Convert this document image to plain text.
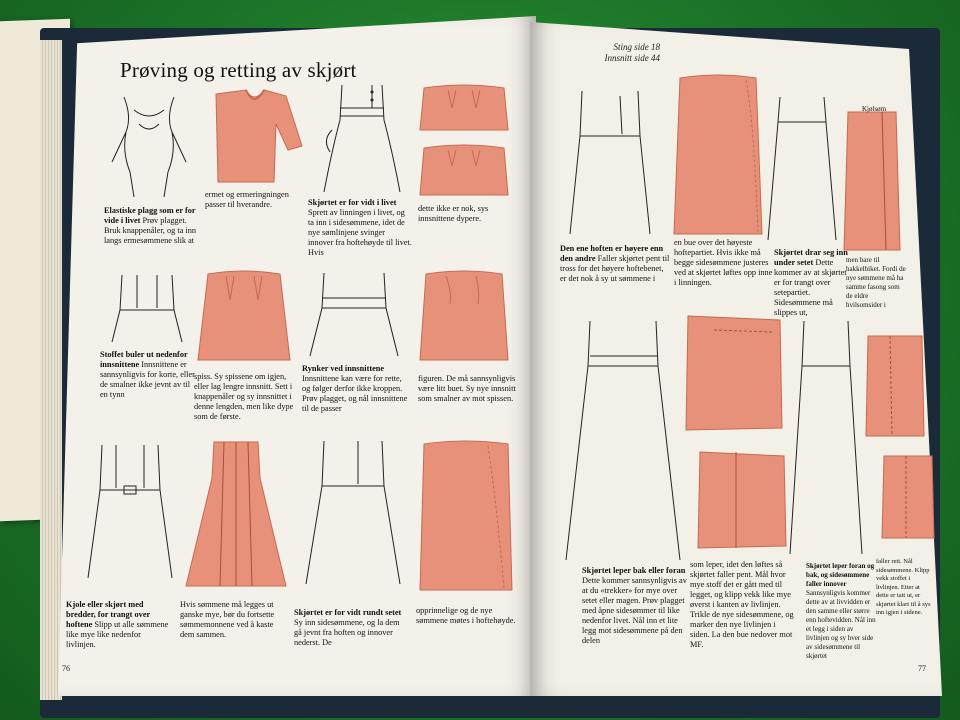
Prøving og retting av skjørt
Sting side 18
Innsnitt side 44
Kjølsøm
Elastiske plagg som er for vide i livet Prøv plagget. Bruk knappenåler, og ta inn langs ermesømmene slik at
ermet og ermeringningen passer til hverandre.	Skjørtet er for vidt i livet Sprett av linningen i livet, og ta inn i sidesømmene, idet de nye sømlinjene svinger innover fra hoftehøyde til livet. Hvis
dette ikke er nok, sys innsnittene dypere.
Stoffet buler ut nedenfor innsnittene Innsnittene er sannsynligvis for korte, eller de smalner ikke jevnt av til en tynn
spiss. Sy spissene om igjen, eller lag lengre innsnitt. Sett i knappenåler og sy innsnittet i denne lengden, men like dype som de første.
Rynker ved innsnittene Innsnittene kan være for rette, og følger derfor ikke kroppen. Prøv plagget, og nål innsnittene til de passer
figuren. De må sannsynligvis være litt buet. Sy nye innsnitt som smalner av mot spissen.
Kjole eller skjørt med bredder, for trangt over hoftene Slipp ut alle sømmene like mye like nedenfor livlinjen.
Hvis sømmene må legges ut ganske mye, bør du fortsette sømmemonnene ved å kaste dem sammen.
Skjørtet er for vidt rundt setet Sy inn sidesømmene, og la dem gå jevnt fra hoften og innover nederst. De
opprinnelige og de nye sømmene møtes i hoftehøyde.
76
Den ene hoften er høyere enn den andre Faller skjørtet pent til tross for det høyere hoftebenet, er det nok å sy ut sømmene i
en bue over det høyeste hoftepartiet. Hvis ikke må begge sidesømmene justeres ved at skjørtet løftes opp inne i linningen.
Skjørtet drar seg inn under setet Dette kommer av at skjørtet er for trangt over setepartiet. Sidesømmene må slippes ut,
men bare til hakkelbiket. Fordi de nye sømmene må ha samme fasong som de eldre hvilsomsider i
Skjørtet leper bak eller foran Dette kommer sannsynligvis av at du «trekker» for mye over setet eller magen. Prøv plagget med åpne sidesømmer til like nedenfor livet. Nål inn et lite legg mot sidesømmene på den delen
som leper, idet den løftes så skjørtet faller pent. Mål hvor mye stoff det er gått med til legget, og klipp vekk like mye øverst i kanten av livlinjen. Trikle de nye sidesømmene, og marker den nye livlinjen i siden. La den bue nedover mot MF.
Skjørtet leper foran og bak, og sidesømmene faller innover Sannsynligvis kommer dette av at livvidden er den samme eller større enn hoftevidden. Nål inn et legg i siden av livlinjen og sy hver side av sidesømmene til skjørtet
faller rett. Nål sidesømmene. Klipp vekk stoffet i livlinjen. Etter at dette er tatt ut, er skjørtet klart til å sys inn igjen i sidene.
77
